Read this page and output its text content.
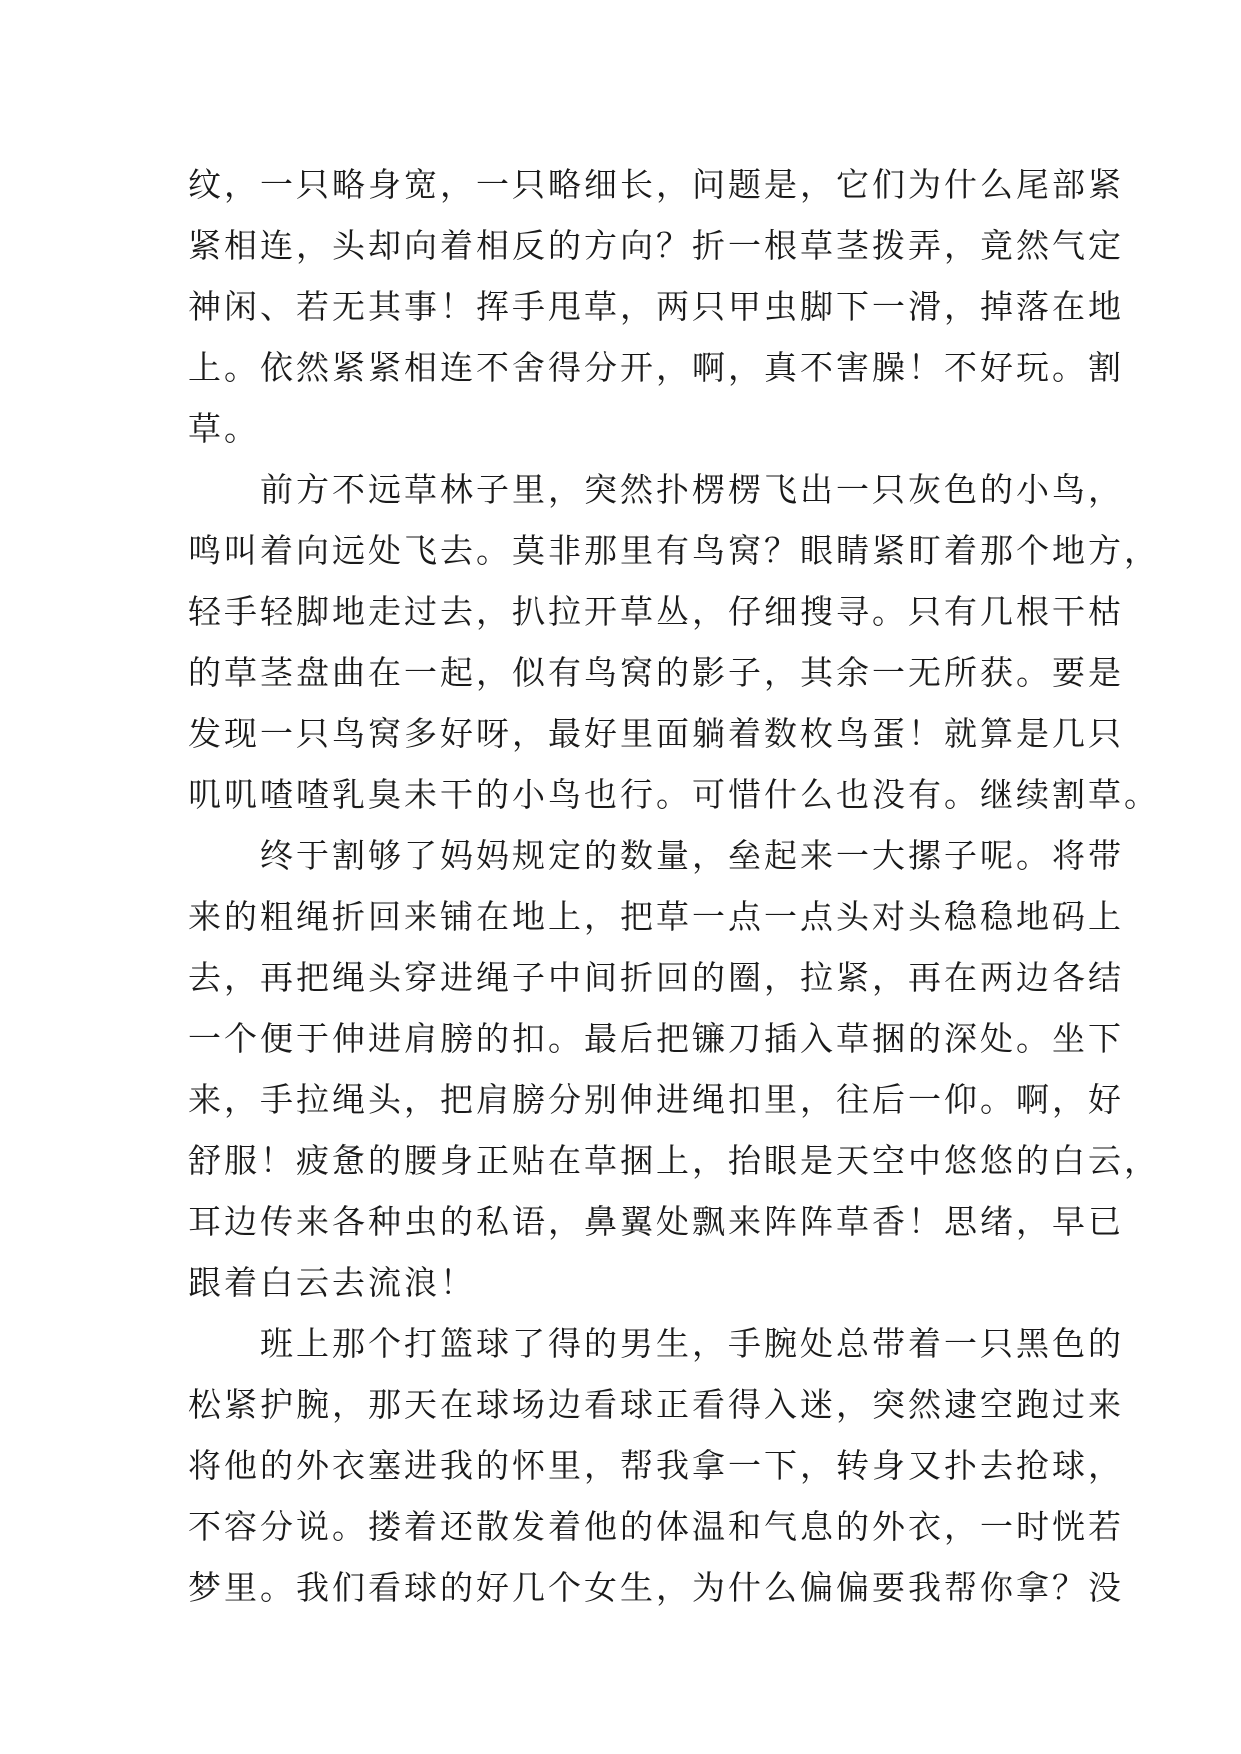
纹，一只略身宽，一只略细长，问题是，它们为什么尾部紧
紧相连，头却向着相反的方向？折一根草茎拨弄，竟然气定
神闲、若无其事！挥手甩草，两只甲虫脚下一滑，掉落在地
上。依然紧紧相连不舍得分开，啊，真不害臊！不好玩。割
草。
　　前方不远草林子里，突然扑楞楞飞出一只灰色的小鸟，
鸣叫着向远处飞去。莫非那里有鸟窝？眼睛紧盯着那个地方，
轻手轻脚地走过去，扒拉开草丛，仔细搜寻。只有几根干枯
的草茎盘曲在一起，似有鸟窝的影子，其余一无所获。要是
发现一只鸟窝多好呀，最好里面躺着数枚鸟蛋！就算是几只
叽叽喳喳乳臭未干的小鸟也行。可惜什么也没有。继续割草。
　　终于割够了妈妈规定的数量，垒起来一大摞子呢。将带
来的粗绳折回来铺在地上，把草一点一点头对头稳稳地码上
去，再把绳头穿进绳子中间折回的圈，拉紧，再在两边各结
一个便于伸进肩膀的扣。最后把镰刀插入草捆的深处。坐下
来，手拉绳头，把肩膀分别伸进绳扣里，往后一仰。啊，好
舒服！疲惫的腰身正贴在草捆上，抬眼是天空中悠悠的白云，
耳边传来各种虫的私语，鼻翼处飘来阵阵草香！思绪，早已
跟着白云去流浪！
　　班上那个打篮球了得的男生，手腕处总带着一只黑色的
松紧护腕，那天在球场边看球正看得入迷，突然逮空跑过来
将他的外衣塞进我的怀里，帮我拿一下，转身又扑去抢球，
不容分说。搂着还散发着他的体温和气息的外衣，一时恍若
梦里。我们看球的好几个女生，为什么偏偏要我帮你拿？没
